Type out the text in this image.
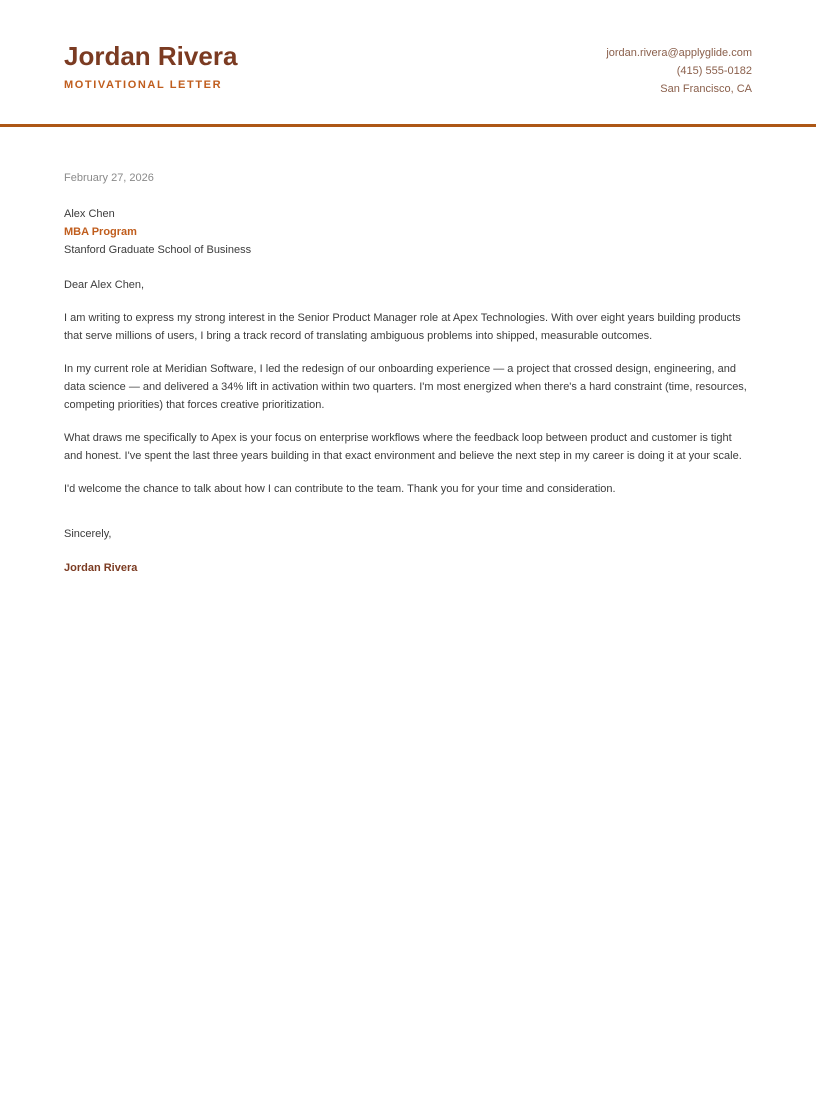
Jordan Rivera
MOTIVATIONAL LETTER
jordan.rivera@applyglide.com
(415) 555-0182
San Francisco, CA
February 27, 2026
Alex Chen
MBA Program
Stanford Graduate School of Business

Dear Alex Chen,

I am writing to express my strong interest in the Senior Product Manager role at Apex Technologies. With over eight years building products that serve millions of users, I bring a track record of translating ambiguous problems into shipped, measurable outcomes.

In my current role at Meridian Software, I led the redesign of our onboarding experience — a project that crossed design, engineering, and data science — and delivered a 34% lift in activation within two quarters. I'm most energized when there's a hard constraint (time, resources, competing priorities) that forces creative prioritization.

What draws me specifically to Apex is your focus on enterprise workflows where the feedback loop between product and customer is tight and honest. I've spent the last three years building in that exact environment and believe the next step in my career is doing it at your scale.

I'd welcome the chance to talk about how I can contribute to the team. Thank you for your time and consideration.

Sincerely,
Jordan Rivera
